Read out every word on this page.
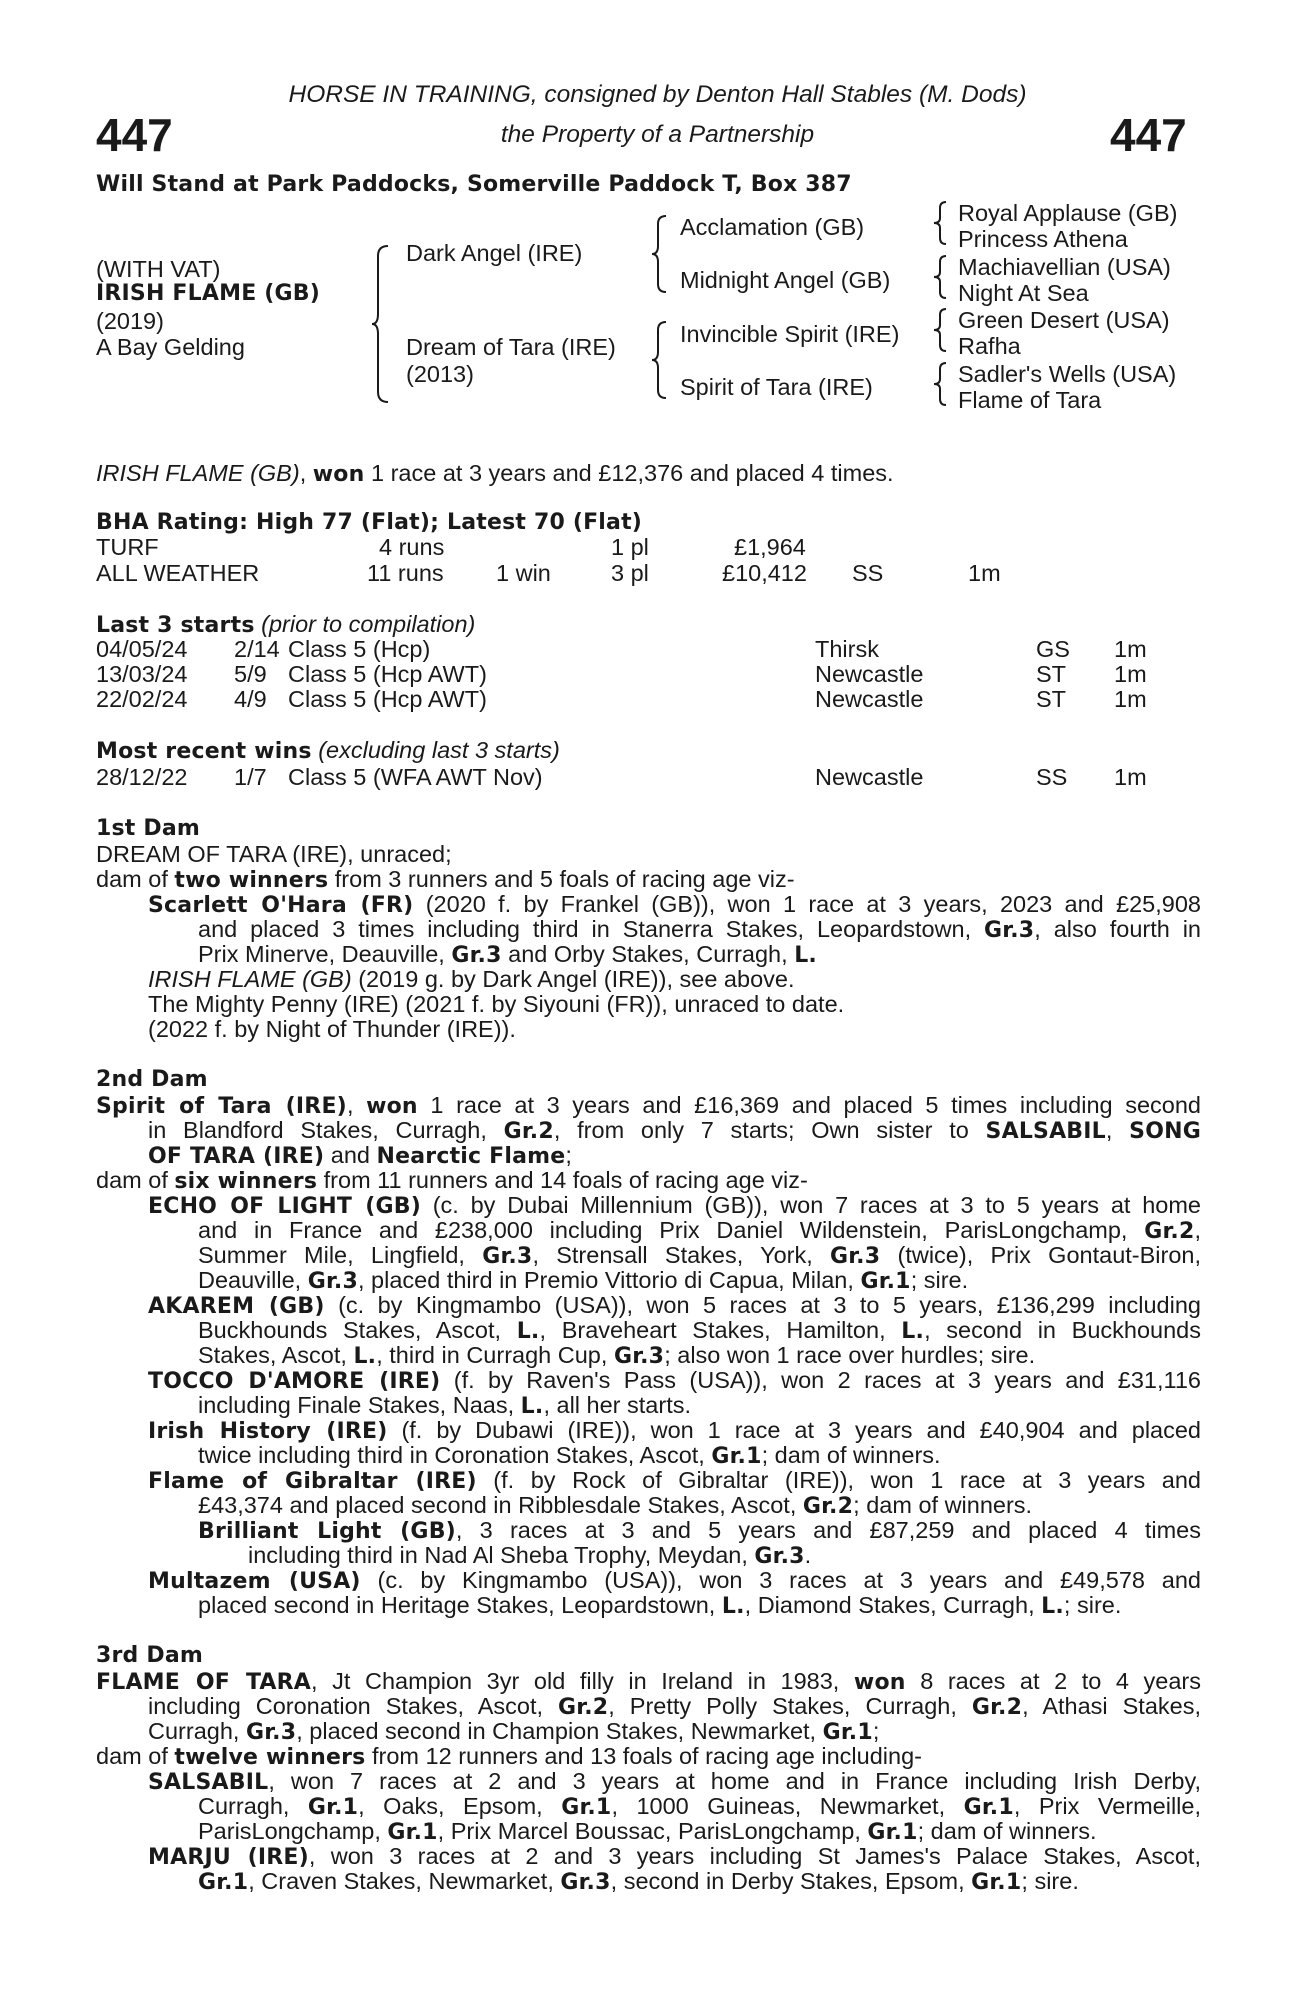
447	447
HORSE IN TRAINING, consigned by Denton Hall Stables (M. Dods)
the Property of a Partnership
Will Stand at Park Paddocks, Somerville Paddock T, Box 387
(WITH VAT)
IRISH FLAME (GB)
(2019)
A Bay Gelding
Dark Angel (IRE)
Dream of Tara (IRE)
(2013)
Acclamation (GB)
Midnight Angel (GB)
Invincible Spirit (IRE)
Spirit of Tara (IRE)
Royal Applause (GB)
Princess Athena
Machiavellian (USA)
Night At Sea
Green Desert (USA)
Rafha
Sadler's Wells (USA)
Flame of Tara
IRISH FLAME (GB), won 1 race at 3 years and £12,376 and placed 4 times.
BHA Rating: High 77 (Flat); Latest 70 (Flat)
TURF	4 runs	1 pl	£1,964
ALL WEATHER	11 runs 1 win	3 pl	£10,412 SS	1m
Last 3 starts (prior to compilation)
04/05/24 2/14 Class 5 (Hcp)	Thirsk	GS 1m
13/03/24 5/9 Class 5 (Hcp AWT)	Newcastle	ST 1m
22/02/24 4/9 Class 5 (Hcp AWT)	Newcastle	ST 1m
Most recent wins (excluding last 3 starts)
28/12/22 1/7 Class 5 (WFA AWT Nov)	Newcastle	SS 1m
1st Dam
DREAM OF TARA (IRE), unraced;
dam of two winners from 3 runners and 5 foals of racing age viz-
Scarlett O'Hara (FR) (2020 f. by Frankel (GB)), won 1 race at 3 years, 2023 and £25,908
and placed 3 times including third in Stanerra Stakes, Leopardstown, Gr.3, also fourth in
Prix Minerve, Deauville, Gr.3 and Orby Stakes, Curragh, L.
IRISH FLAME (GB) (2019 g. by Dark Angel (IRE)), see above.
The Mighty Penny (IRE) (2021 f. by Siyouni (FR)), unraced to date.
(2022 f. by Night of Thunder (IRE)).
2nd Dam
Spirit of Tara (IRE), won 1 race at 3 years and £16,369 and placed 5 times including second
in Blandford Stakes, Curragh, Gr.2, from only 7 starts; Own sister to SALSABIL, SONG
OF TARA (IRE) and Nearctic Flame;
dam of six winners from 11 runners and 14 foals of racing age viz-
ECHO OF LIGHT (GB) (c. by Dubai Millennium (GB)), won 7 races at 3 to 5 years at home
and in France and £238,000 including Prix Daniel Wildenstein, ParisLongchamp, Gr.2,
Summer Mile, Lingfield, Gr.3, Strensall Stakes, York, Gr.3 (twice), Prix Gontaut-Biron,
Deauville, Gr.3, placed third in Premio Vittorio di Capua, Milan, Gr.1; sire.
AKAREM (GB) (c. by Kingmambo (USA)), won 5 races at 3 to 5 years, £136,299 including
Buckhounds Stakes, Ascot, L., Braveheart Stakes, Hamilton, L., second in Buckhounds
Stakes, Ascot, L., third in Curragh Cup, Gr.3; also won 1 race over hurdles; sire.
TOCCO D'AMORE (IRE) (f. by Raven's Pass (USA)), won 2 races at 3 years and £31,116
including Finale Stakes, Naas, L., all her starts.
Irish History (IRE) (f. by Dubawi (IRE)), won 1 race at 3 years and £40,904 and placed
twice including third in Coronation Stakes, Ascot, Gr.1; dam of winners.
Flame of Gibraltar (IRE) (f. by Rock of Gibraltar (IRE)), won 1 race at 3 years and
£43,374 and placed second in Ribblesdale Stakes, Ascot, Gr.2; dam of winners.
Brilliant Light (GB), 3 races at 3 and 5 years and £87,259 and placed 4 times
including third in Nad Al Sheba Trophy, Meydan, Gr.3.
Multazem (USA) (c. by Kingmambo (USA)), won 3 races at 3 years and £49,578 and
placed second in Heritage Stakes, Leopardstown, L., Diamond Stakes, Curragh, L.; sire.
3rd Dam
FLAME OF TARA, Jt Champion 3yr old filly in Ireland in 1983, won 8 races at 2 to 4 years
including Coronation Stakes, Ascot, Gr.2, Pretty Polly Stakes, Curragh, Gr.2, Athasi Stakes,
Curragh, Gr.3, placed second in Champion Stakes, Newmarket, Gr.1;
dam of twelve winners from 12 runners and 13 foals of racing age including-
SALSABIL, won 7 races at 2 and 3 years at home and in France including Irish Derby,
Curragh, Gr.1, Oaks, Epsom, Gr.1, 1000 Guineas, Newmarket, Gr.1, Prix Vermeille,
ParisLongchamp, Gr.1, Prix Marcel Boussac, ParisLongchamp, Gr.1; dam of winners.
MARJU (IRE), won 3 races at 2 and 3 years including St James's Palace Stakes, Ascot,
Gr.1, Craven Stakes, Newmarket, Gr.3, second in Derby Stakes, Epsom, Gr.1; sire.
